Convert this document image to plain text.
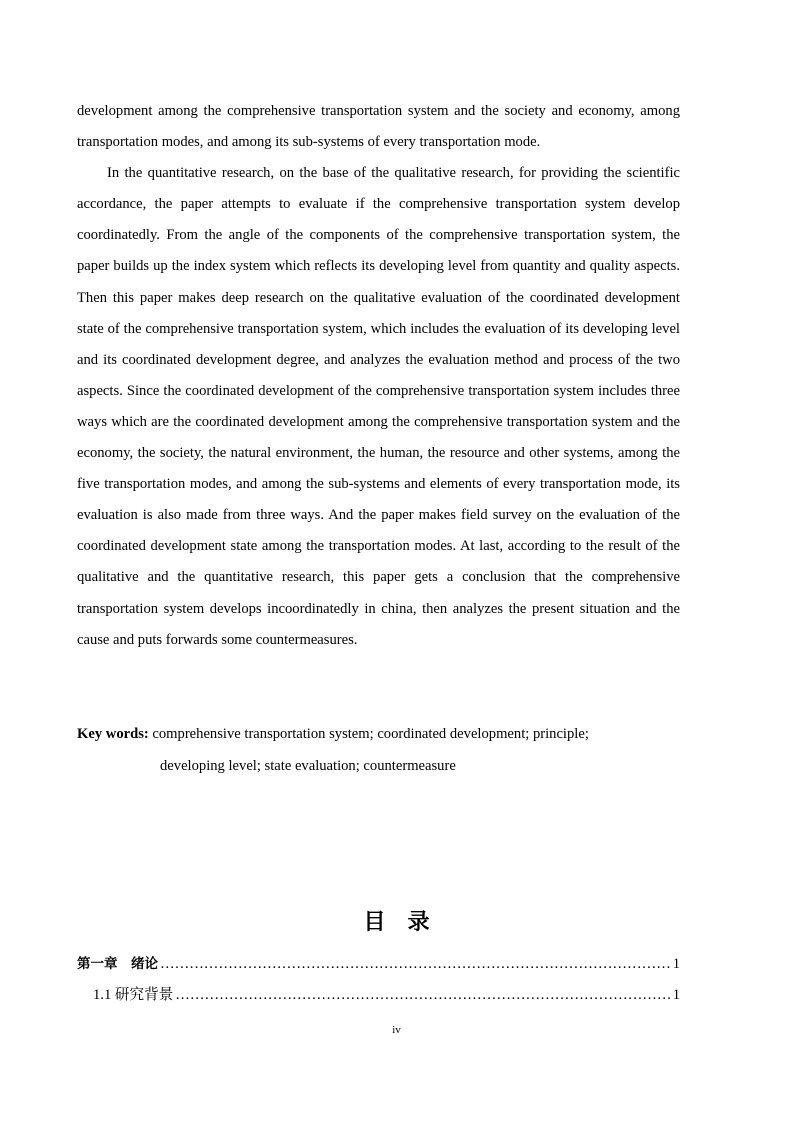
development among the comprehensive transportation system and the society and economy, among transportation modes, and among its sub-systems of every transportation mode.

In the quantitative research, on the base of the qualitative research, for providing the scientific accordance, the paper attempts to evaluate if the comprehensive transportation system develop coordinatedly. From the angle of the components of the comprehensive transportation system, the paper builds up the index system which reflects its developing level from quantity and quality aspects. Then this paper makes deep research on the qualitative evaluation of the coordinated development state of the comprehensive transportation system, which includes the evaluation of its developing level and its coordinated development degree, and analyzes the evaluation method and process of the two aspects. Since the coordinated development of the comprehensive transportation system includes three ways which are the coordinated development among the comprehensive transportation system and the economy, the society, the natural environment, the human, the resource and other systems, among the five transportation modes, and among the sub-systems and elements of every transportation mode, its evaluation is also made from three ways. And the paper makes field survey on the evaluation of the coordinated development state among the transportation modes. At last, according to the result of the qualitative and the quantitative research, this paper gets a conclusion that the comprehensive transportation system develops incoordinatedly in china, then analyzes the present situation and the cause and puts forwards some countermeasures.

Key words: comprehensive transportation system; coordinated development; principle;
developing level; state evaluation; countermeasure
目录
第一章　绪论 …………………………………………………………………………………………………………………………	1
1.1 研究背景 …………………………………………………………………………………………………………………………	1
iv
